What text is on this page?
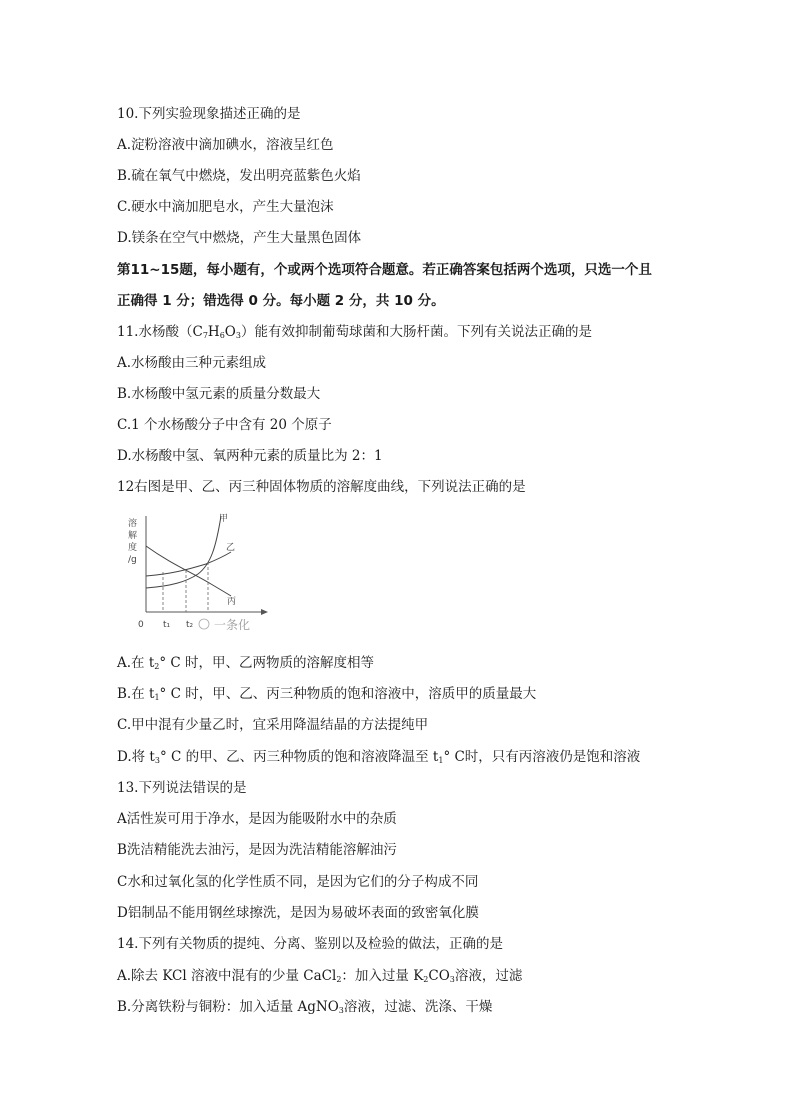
10.下列实验现象描述正确的是
A.淀粉溶液中滴加碘水，溶液呈红色
B.硫在氧气中燃烧，发出明亮蓝紫色火焰
C.硬水中滴加肥皂水，产生大量泡沫
D.镁条在空气中燃烧，产生大量黑色固体
第11~15题，每小题有，个或两个选项符合题意。若正确答案包括两个选项，只选一个且
正确得 1 分；错选得 0 分。每小题 2 分，共 10 分。
11.水杨酸$(C_7H_6O_3)$能有效抑制葡萄球菌和大肠杆菌。下列有关说法正确的是
A.水杨酸由三种元素组成
B.水杨酸中氢元素的质量分数最大
C.1 个水杨酸分子中含有 20 个原子
D.水杨酸中氢、氧两种元素的质量比为 2：1
12右图是甲、乙、丙三种固体物质的溶解度曲线，下列说法正确的是
溶
解
度
/g
甲
乙
丙
0 t₁ t₂ 一条化
A.在 $t_2^\circ$ C 时，甲、乙两物质的溶解度相等
B.在 $t_1^\circ$ C 时，甲、乙、丙三种物质的饱和溶液中，溶质甲的质量最大
C.甲中混有少量乙时，宜采用降温结晶的方法提纯甲
D.将 $t_3^\circ$ C 的甲、乙、丙三种物质的饱和溶液降温至 $t_1^\circ$ C时，只有丙溶液仍是饱和溶液
13.下列说法错误的是
A活性炭可用于净水，是因为能吸附水中的杂质
B洗洁精能洗去油污，是因为洗洁精能溶解油污
C水和过氧化氢的化学性质不同，是因为它们的分子构成不同
D铝制品不能用钢丝球擦洗，是因为易破坏表面的致密氧化膜
14.下列有关物质的提纯、分离、鉴别以及检验的做法，正确的是
A.除去 KCl 溶液中混有的少量 CaCl$_2$：加入过量 $K_2CO_3$溶液，过滤
B.分离铁粉与铜粉：加入适量 AgNO$_3$溶液，过滤、洗涤、干燥
